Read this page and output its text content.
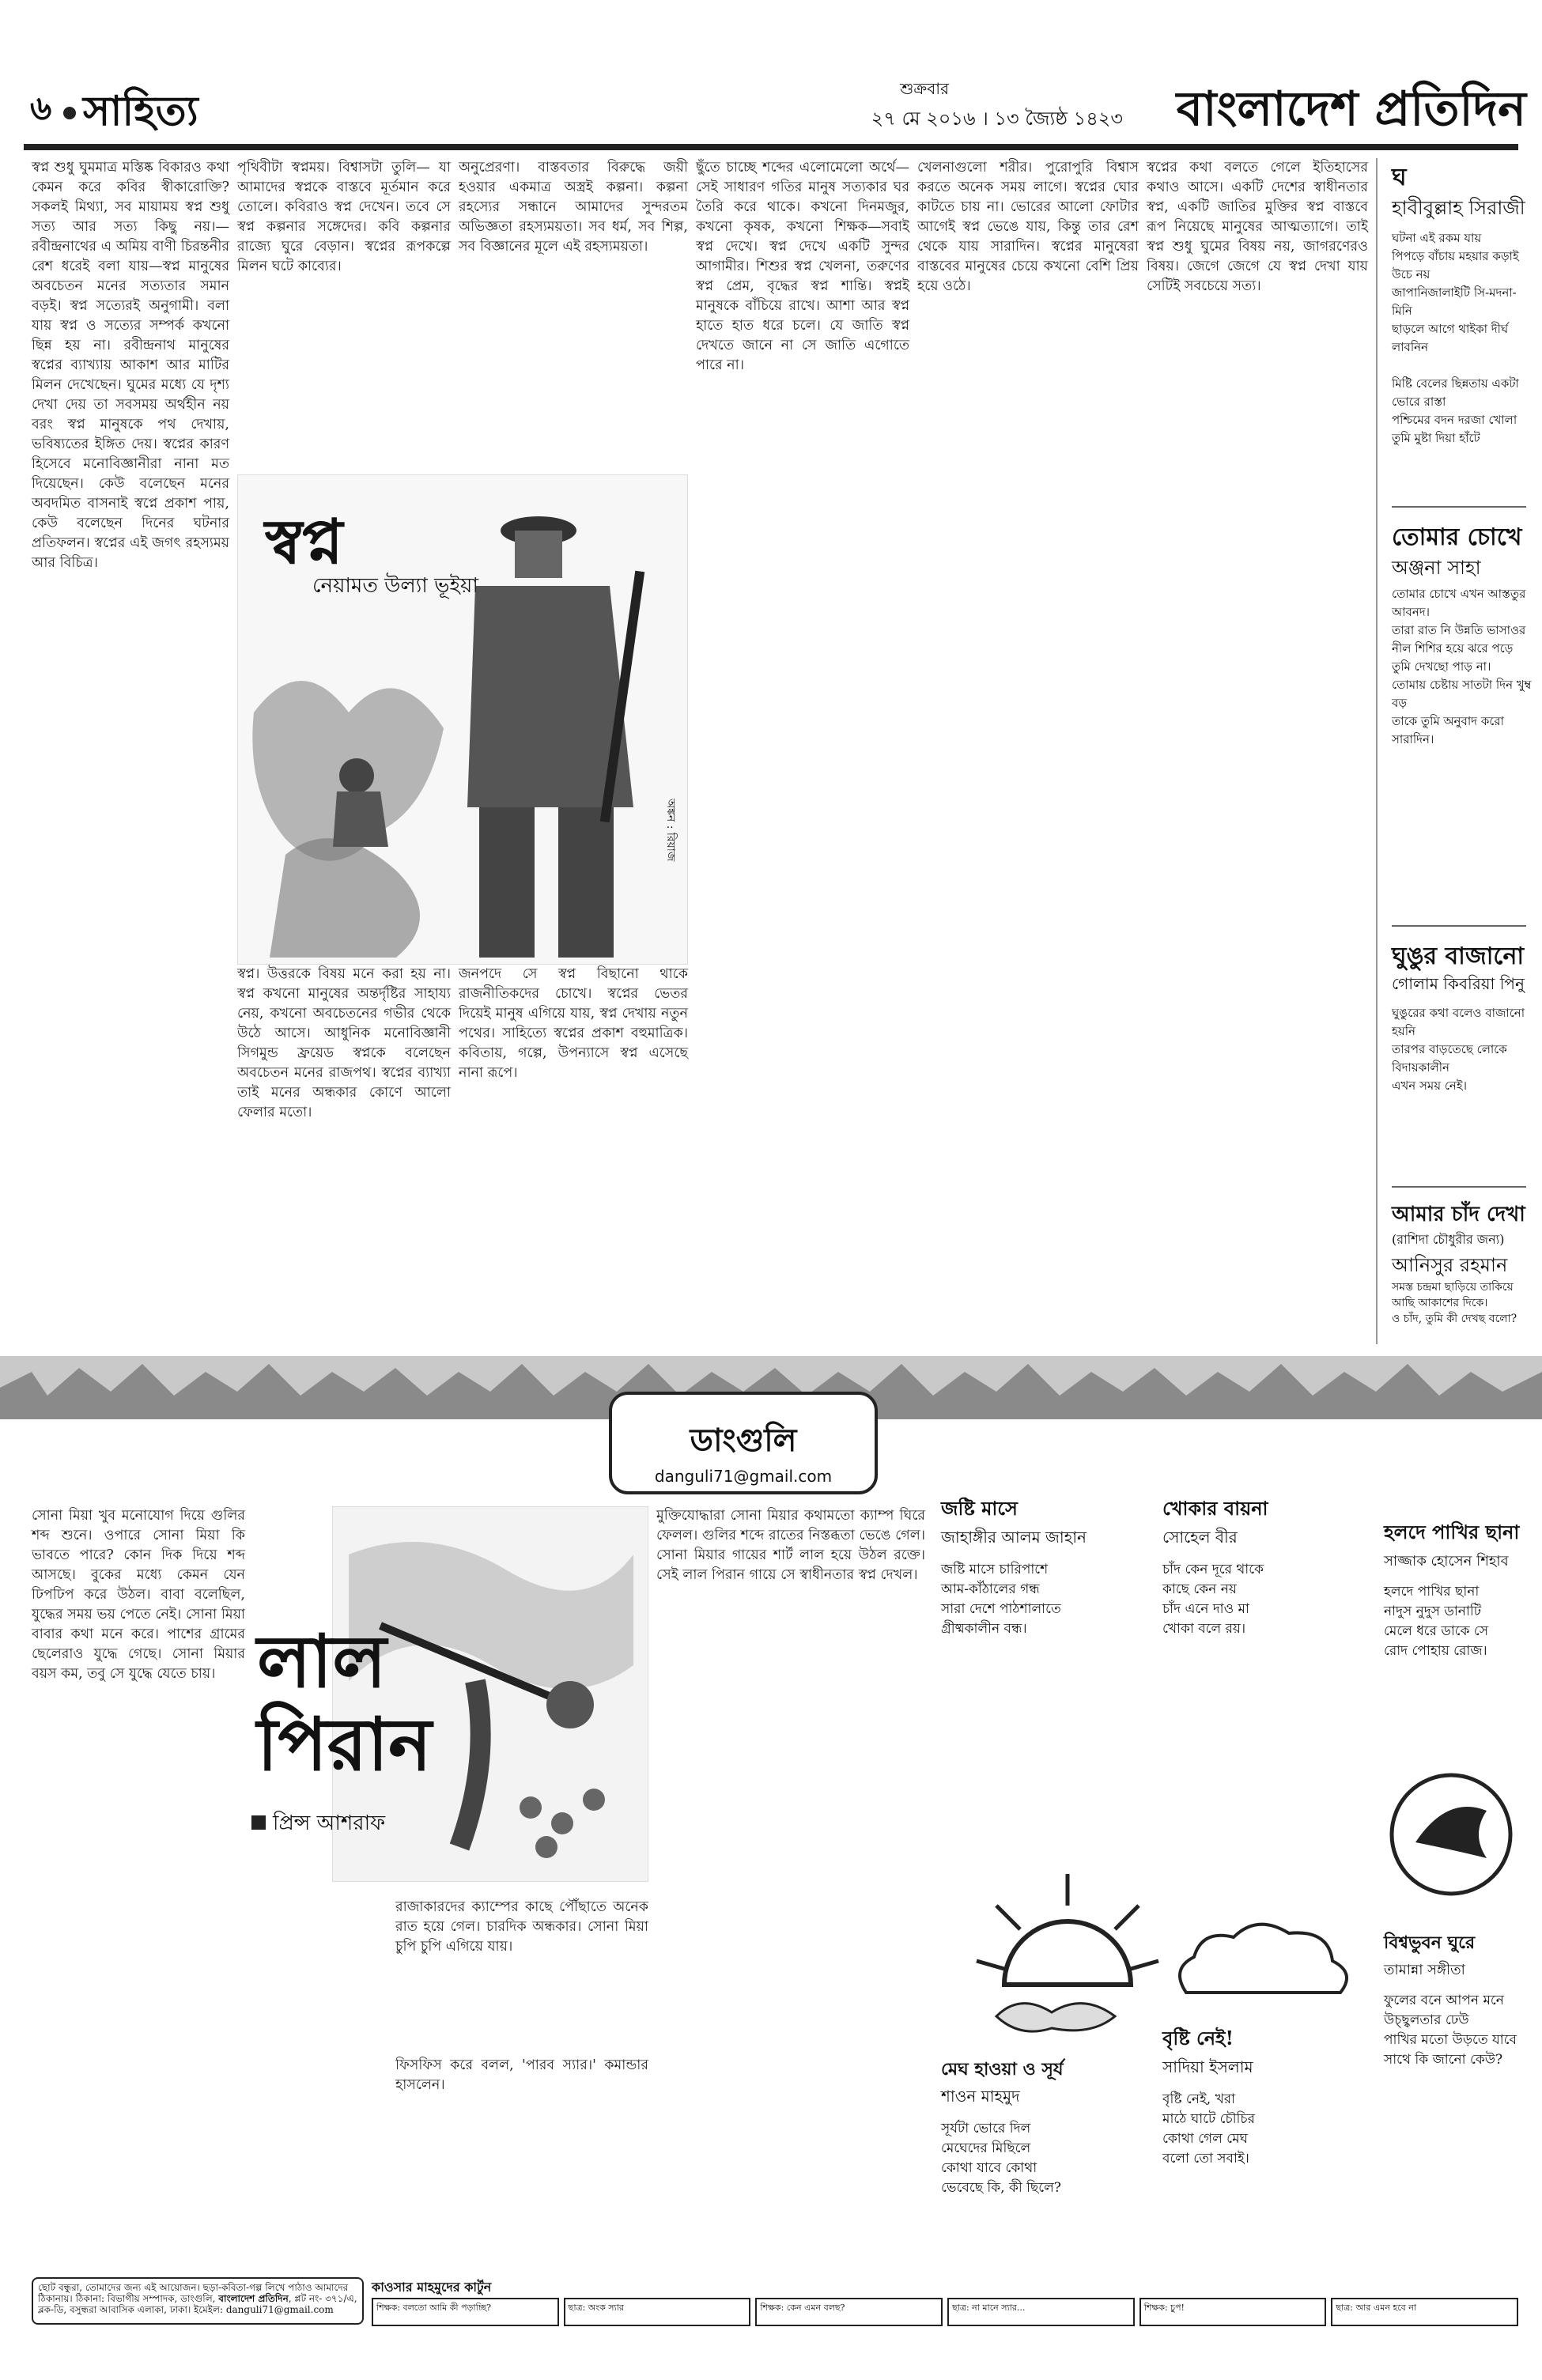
৬ সাহিত্য	শুক্রবার
২৭ মে ২০১৬ । ১৩ জ্যৈষ্ঠ ১৪২৩	বাংলাদেশ প্রতিদিন
স্বপ্ন শুধু ঘুমমাত্র মস্তিষ্ক বিকারও কথা কেমন করে কবির স্বীকারোক্তি? সকলই মিথ্যা, সব মায়াময় স্বপ্ন শুধু সত্য আর সত্য কিছু নয়।—রবীন্দ্রনাথের এ অমিয় বাণী চিরন্তনীর রেশ ধরেই বলা যায়—স্বপ্ন মানুষের অবচেতন মনের সত্যতার সমান বড়ই। স্বপ্ন সত্যেরই অনুগামী। বলা যায় স্বপ্ন ও সত্যের সম্পর্ক কখনো ছিন্ন হয় না। রবীন্দ্রনাথ মানুষের স্বপ্নের ব্যাখ্যায় আকাশ আর মাটির মিলন দেখেছেন। ঘুমের মধ্যে যে দৃশ্য দেখা দেয় তা সবসময় অর্থহীন নয় বরং স্বপ্ন মানুষকে পথ দেখায়, ভবিষ্যতের ইঙ্গিত দেয়। স্বপ্নের কারণ হিসেবে মনোবিজ্ঞানীরা নানা মত দিয়েছেন। কেউ বলেছেন মনের অবদমিত বাসনাই স্বপ্নে প্রকাশ পায়, কেউ বলেছেন দিনের ঘটনার প্রতিফলন। স্বপ্নের এই জগৎ রহস্যময় আর বিচিত্র।
পৃথিবীটা স্বপ্নময়। বিশ্বাসটা তুলি— যা আমাদের স্বপ্নকে বাস্তবে মূর্তমান করে তোলে। কবিরাও স্বপ্ন দেখেন। তবে সে স্বপ্ন কল্পনার সঙ্গেদের। কবি কল্পনার রাজ্যে ঘুরে বেড়ান। স্বপ্নের রূপকল্পে মিলন ঘটে কাব্যের।
অনুপ্রেরণা। বাস্তবতার বিরুদ্ধে জয়ী হওয়ার একমাত্র অস্ত্রই কল্পনা। কল্পনা রহস্যের সন্ধানে আমাদের সুন্দরতম অভিজ্ঞতা রহস্যময়তা। সব ধর্ম, সব শিল্প, সব বিজ্ঞানের মূলে এই রহস্যময়তা।
ছুঁতে চাচ্ছে শব্দের এলোমেলো অর্থে—সেই সাধারণ গতির মানুষ সত্যকার ঘর তৈরি করে থাকে। কখনো দিনমজুর, কখনো কৃষক, কখনো শিক্ষক—সবাই স্বপ্ন দেখে। স্বপ্ন দেখে একটি সুন্দর আগামীর। শিশুর স্বপ্ন খেলনা, তরুণের স্বপ্ন প্রেম, বৃদ্ধের স্বপ্ন শান্তি। স্বপ্নই মানুষকে বাঁচিয়ে রাখে। আশা আর স্বপ্ন হাতে হাত ধরে চলে। যে জাতি স্বপ্ন দেখতে জানে না সে জাতি এগোতে পারে না।
খেলনাগুলো শরীর। পুরোপুরি বিশ্বাস করতে অনেক সময় লাগে। স্বপ্নের ঘোর কাটতে চায় না। ভোরের আলো ফোটার আগেই স্বপ্ন ভেঙে যায়, কিন্তু তার রেশ থেকে যায় সারাদিন। স্বপ্নের মানুষেরা বাস্তবের মানুষের চেয়ে কখনো বেশি প্রিয় হয়ে ওঠে।
স্বপ্নের কথা বলতে গেলে ইতিহাসের কথাও আসে। একটি দেশের স্বাধীনতার স্বপ্ন, একটি জাতির মুক্তির স্বপ্ন বাস্তবে রূপ নিয়েছে মানুষের আত্মত্যাগে। তাই স্বপ্ন শুধু ঘুমের বিষয় নয়, জাগরণেরও বিষয়। জেগে জেগে যে স্বপ্ন দেখা যায় সেটিই সবচেয়ে সত্য।
স্বপ্ন
নেয়ামত উল্যা ভূইয়া
অঙ্কন : রিয়াজ
স্বপ্ন। উত্তরকে বিষয় মনে করা হয় না। স্বপ্ন কখনো মানুষের অন্তর্দৃষ্টির সাহায্য নেয়, কখনো অবচেতনের গভীর থেকে উঠে আসে। আধুনিক মনোবিজ্ঞানী সিগমুন্ড ফ্রয়েড স্বপ্নকে বলেছেন অবচেতন মনের রাজপথ। স্বপ্নের ব্যাখ্যা তাই মনের অন্ধকার কোণে আলো ফেলার মতো।
জনপদে সে স্বপ্ন বিছানো থাকে রাজনীতিকদের চোখে। স্বপ্নের ভেতর দিয়েই মানুষ এগিয়ে যায়, স্বপ্ন দেখায় নতুন পথের। সাহিত্যে স্বপ্নের প্রকাশ বহুমাত্রিক। কবিতায়, গল্পে, উপন্যাসে স্বপ্ন এসেছে নানা রূপে।
ঘ
হাবীবুল্লাহ সিরাজী
ঘটনা এই রকম যায়
পিপড়ে বাঁচায় মহয়ার কড়াই উচে নয়
জাপানিজালাইটি সি-মদনা-মিনি
ছাড়লে আগে থাইকা দীর্ঘ লাবনিন

মিষ্টি বেলের ছিন্নতায় একটা ভোরে রাস্তা
পশ্চিমের বদন দরজা খোলা
তুমি মুষ্টা দিয়া হাঁটে
তোমার চোখে
অঞ্জনা সাহা
তোমার চোখে এখন আস্ততুর আবনদ।
তারা রাত নি উন্নতি ভাসাওর
নীল শিশির হয়ে ঝরে পড়ে
তুমি দেখছো পাড় না।
তোমায় চেষ্টায় সাতটা দিন খুম্ব বড়
তাকে তুমি অনুবাদ করো সারাদিন।
ঘুঙুর বাজানো
গোলাম কিবরিয়া পিনু
ঘুঙুরের কথা বলেও বাজানো হয়নি
তারপর বাড়তেছে লোকে
বিদায়কালীন
এখন সময় নেই।
আমার চাঁদ দেখা
(রাশিদা চৌধুরীর জন্য)
আনিসুর রহমান
সমস্ত চন্দ্রমা ছাড়িয়ে তাকিয়ে আছি আকাশের দিকে।
ও চাঁদ, তুমি কী দেখছ বলো?
ডাংগুলি
danguli71@gmail.com
সোনা মিয়া খুব মনোযোগ দিয়ে গুলির শব্দ শুনে। ওপারে সোনা মিয়া কি ভাবতে পারে? কোন দিক দিয়ে শব্দ আসছে। বুকের মধ্যে কেমন যেন ঢিপঢিপ করে উঠল। বাবা বলেছিল, যুদ্ধের সময় ভয় পেতে নেই। সোনা মিয়া বাবার কথা মনে করে। পাশের গ্রামের ছেলেরাও যুদ্ধে গেছে। সোনা মিয়ার বয়স কম, তবু সে যুদ্ধে যেতে চায়। লাল
পিরান
প্রিন্স আশরাফ
রাজাকারদের ক্যাম্পের কাছে পৌঁছাতে অনেক রাত হয়ে গেল। চারদিক অন্ধকার। সোনা মিয়া চুপি চুপি এগিয়ে যায়।
মুক্তিযোদ্ধারা সোনা মিয়ার কথামতো ক্যাম্প ঘিরে ফেলল। গুলির শব্দে রাতের নিস্তব্ধতা ভেঙে গেল। সোনা মিয়ার গায়ের শার্ট লাল হয়ে উঠল রক্তে। সেই লাল পিরান গায়ে সে স্বাধীনতার স্বপ্ন দেখল।
ফিসফিস করে বলল, 'পারব স্যার।' কমান্ডার হাসলেন।
জষ্টি মাসে
জাহাঙ্গীর আলম জাহান
জষ্টি মাসে চারিপাশে
আম-কাঁঠালের গন্ধ
সারা দেশে পাঠশালাতে
গ্রীষ্মকালীন বন্ধ।
খোকার বায়না
সোহেল বীর
চাঁদ কেন দূরে থাকে
কাছে কেন নয়
চাঁদ এনে দাও মা
খোকা বলে রয়।
হলদে পাখির ছানা
সাজ্জাক হোসেন শিহাব
হলদে পাখির ছানা
নাদুস নুদুস ডানাটি
মেলে ধরে ডাকে সে
রোদ পোহায় রোজ।
মেঘ হাওয়া ও সূর্য
শাওন মাহমুদ
সূর্যটা ভোরে দিল
মেঘেদের মিছিলে
কোথা যাবে কোথা
ভেবেছে কি, কী ছিলে?
বৃষ্টি নেই!
সাদিয়া ইসলাম
বৃষ্টি নেই, খরা
মাঠে ঘাটে চৌচির
কোথা গেল মেঘ
বলো তো সবাই।
বিশ্বভুবন ঘুরে
তামান্না সঙ্গীতা
ফুলের বনে আপন মনে
উচ্ছ্বলতার ঢেউ
পাখির মতো উড়তে যাবে
সাথে কি জানো কেউ?
ছোট বন্ধুরা, তোমাদের জন্য এই আয়োজন। ছড়া-কবিতা-গল্প লিখে পাঠাও আমাদের ঠিকানায়। ঠিকানা: বিভাগীয় সম্পাদক, ডাংগুলি, বাংলাদেশ প্রতিদিন, প্লট নং- ৩৭১/এ, ব্লক-ডি, বসুন্ধরা আবাসিক এলাকা, ঢাকা। ইমেইল: danguli71@gmail.com
কাওসার মাহমুদের কার্টুন
শিক্ষক: বলতো আমি কী পড়াচ্ছি?	ছাত্র: অংক স্যার	শিক্ষক: কেন এমন বলছ?	ছাত্র: না মানে স্যার...	শিক্ষক: চুপ!	ছাত্র: আর এমন হবে না
